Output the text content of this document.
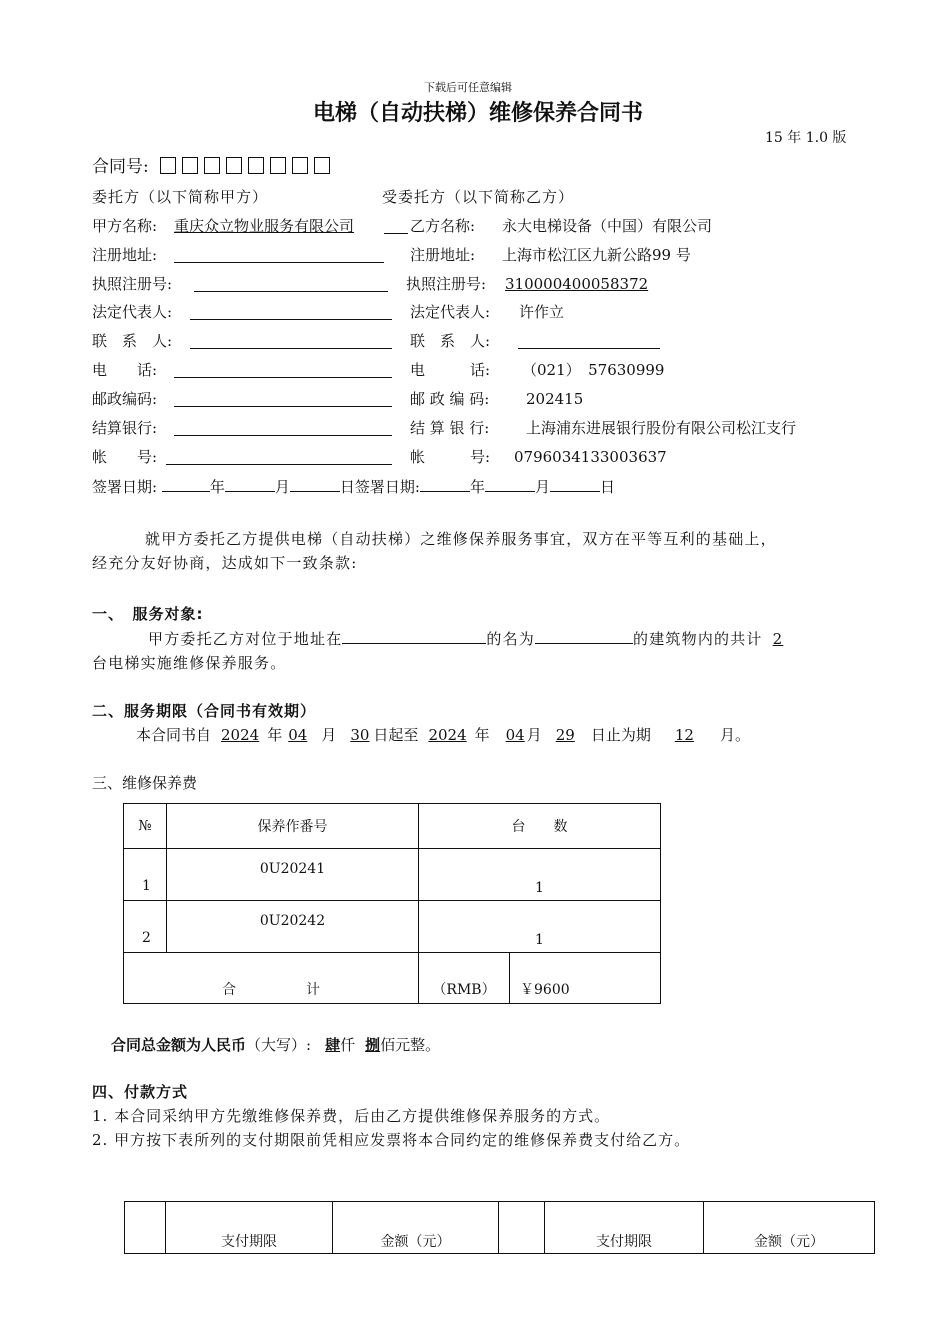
下载后可任意编辑
电梯（自动扶梯）维修保养合同书
15 年 1.0 版
合同号:
委托方（以下简称甲方）	受委托方（以下简称乙方）
甲方名称: 重庆众立物业服务有限公司	乙方名称: 永大电梯设备（中国）有限公司
注册地址:	注册地址: 上海市松江区九新公路99 号
执照注册号:	执照注册号: 310000400058372
法定代表人:	法定代表人: 许作立
联　系　人:	联　系　人:
电　　话:	电　　　话: （021）　57630999
邮政编码:	邮 政 编 码: 202415
结算银行:	结 算 银 行: 上海浦东进展银行股份有限公司松江支行
帐　　号:	帐　　　号: 0796034133003637
签署日期:	年	月	日签署日期:	年	月	日
就甲方委托乙方提供电梯（自动扶梯）之维修保养服务事宜，双方在平等互利的基础上，
经充分友好协商，达成如下一致条款:
一、　服务对象:
甲方委托乙方对位于地址在	的名为	的建筑物内的共计 2
台电梯实施维修保养服务。
二、服务期限（合同书有效期）
本合同书自 2024 年 04 月 30 日起至 2024 年 04 月 29 日止为期 12 月。
三、维修保养费
№	保养作番号	台　　数	
1	0U20241	1	
2	0U20242	1	
合　　　　　计		（RMB）	￥9600
合同总金额为人民币（大写）: 肆仟 捌佰元整。
四、付款方式
1. 本合同采纳甲方先缴维修保养费，后由乙方提供维修保养服务的方式。
2. 甲方按下表所列的支付期限前凭相应发票将本合同约定的维修保养费支付给乙方。
	支付期限	金额（元）		支付期限	金额（元）
